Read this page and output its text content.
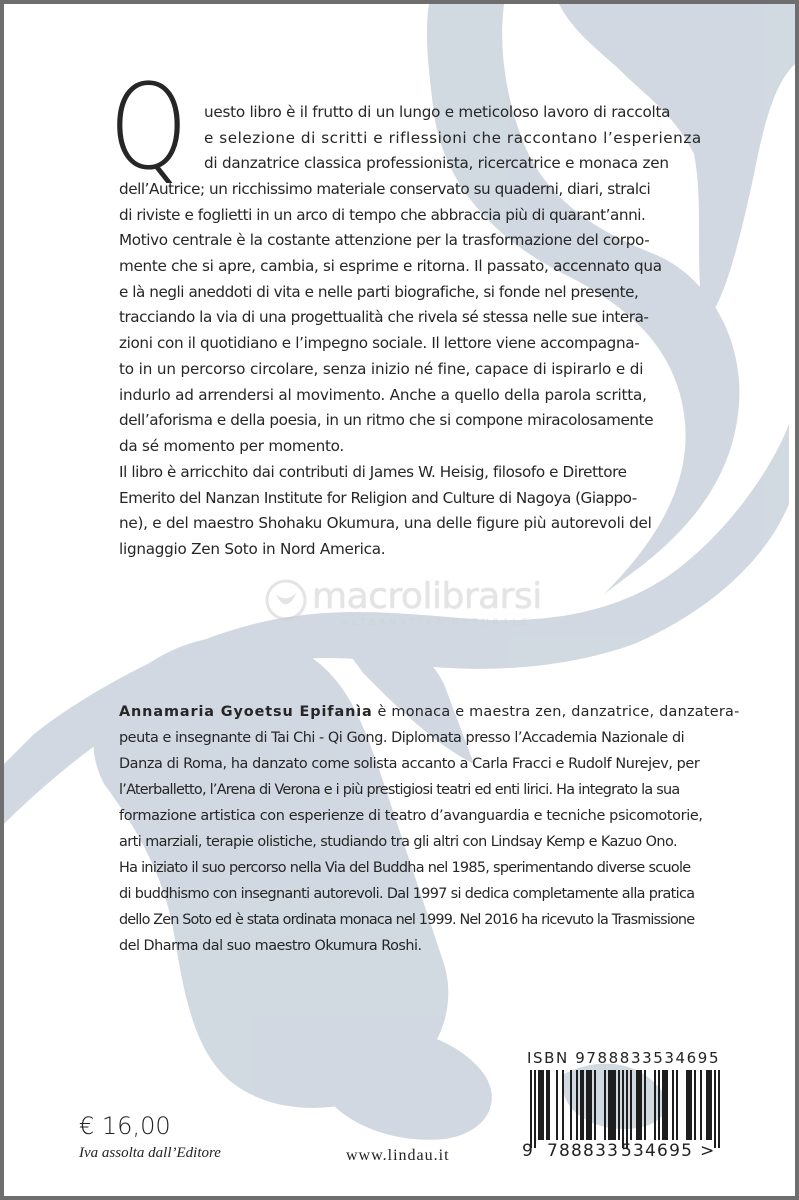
Q uesto libro è il frutto di un lungo e meticoloso lavoro di raccolta
e selezione di scritti e riflessioni che raccontano l’esperienza
di danzatrice classica professionista, ricercatrice e monaca zen
dell’Autrice; un ricchissimo materiale conservato su quaderni, diari, stralci
di riviste e foglietti in un arco di tempo che abbraccia più di quarant’anni.
Motivo centrale è la costante attenzione per la trasformazione del corpo-
mente che si apre, cambia, si esprime e ritorna. Il passato, accennato qua
e là negli aneddoti di vita e nelle parti biografiche, si fonde nel presente,
tracciando la via di una progettualità che rivela sé stessa nelle sue intera-
zioni con il quotidiano e l’impegno sociale. Il lettore viene accompagna-
to in un percorso circolare, senza inizio né fine, capace di ispirarlo e di
indurlo ad arrendersi al movimento. Anche a quello della parola scritta,
dell’aforisma e della poesia, in un ritmo che si compone miracolosamente
da sé momento per momento.
Il libro è arricchito dai contributi di James W. Heisig, filosofo e Direttore
Emerito del Nanzan Institute for Religion and Culture di Nagoya (Giappo-
ne), e del maestro Shohaku Okumura, una delle figure più autorevoli del
lignaggio Zen Soto in Nord America.
macrolibrarsi
ALTERNATIVA NATURALE
Annamaria Gyoetsu Epifanìa è monaca e maestra zen, danzatrice, danzatera-
peuta e insegnante di Tai Chi - Qi Gong. Diplomata presso l’Accademia Nazionale di
Danza di Roma, ha danzato come solista accanto a Carla Fracci e Rudolf Nurejev, per
l’Aterballetto, l’Arena di Verona e i più prestigiosi teatri ed enti lirici. Ha integrato la sua
formazione artistica con esperienze di teatro d’avanguardia e tecniche psicomotorie,
arti marziali, terapie olistiche, studiando tra gli altri con Lindsay Kemp e Kazuo Ono.
Ha iniziato il suo percorso nella Via del Buddha nel 1985, sperimentando diverse scuole
di buddhismo con insegnanti autorevoli. Dal 1997 si dedica completamente alla pratica
dello Zen Soto ed è stata ordinata monaca nel 1999. Nel 2016 ha ricevuto la Trasmissione
del Dharma dal suo maestro Okumura Roshi.
€ 16,00
Iva assolta dall’Editore	www.lindau.it
ISBN 9788833534695
9 788833 534695 >
